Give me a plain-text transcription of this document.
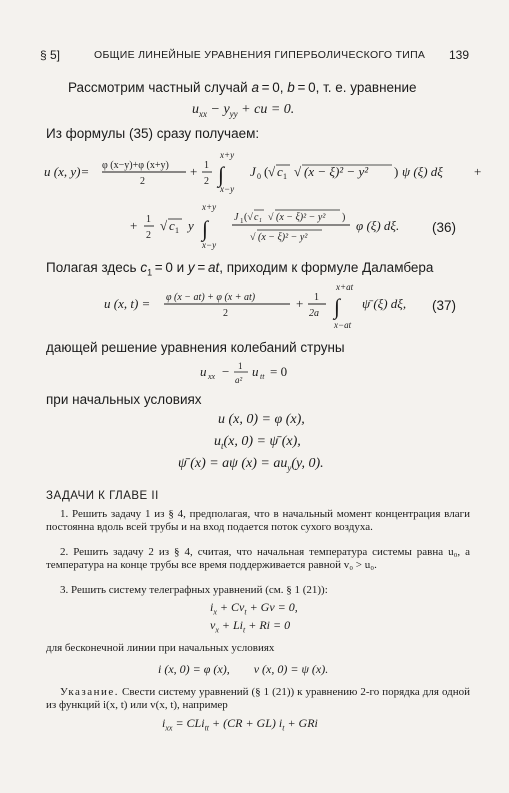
§ 5]	ОБЩИЕ ЛИНЕЙНЫЕ УРАВНЕНИЯ ГИПЕРБОЛИЧЕСКОГО ТИПА 139
Рассмотрим частный случай a = 0, b = 0, т. е. уравнение
$u_{xx} - y_{yy}$ + cu = 0.
Из формулы (35) сразу получаем:
u (x, y)= φ (x−y)+φ (x+y)
2
+ 1
2
x+y
∫
x−y
J 0 ( √ c 1 √ (x − ξ)² − y² ) ψ (ξ) dξ +
+ 1
2
√ c 1 y
x+y
∫
x−y
J 1 (√ c₁ √ (x − ξ)² − y² )
√ (x − ξ)² − y²
φ (ξ) dξ. (36)
Полагая здесь $c_1 = 0$ и y = at, приходим к формуле Даламбера
u (x, t) = φ (x − at) + φ (x + at)
2
+ 1
2a
x+at
∫
x−at
ψ̄ (ξ) dξ, (37)
дающей решение уравнения колебаний струны
u xx − 1
a²
u tt = 0
при начальных условиях
u (x, 0) = φ (x),
$u_t(x$, 0) = ψ̄ (x),
ψ̄ (x) = aψ $(x) = au_y(y$, 0).
ЗАДАЧИ К ГЛАВЕ II
1. Решить задачу 1 из § 4, предполагая, что в начальный момент концентрация влаги постоянна вдоль всей трубы и на вход подается поток сухого воздуха.
2. Решить задачу 2 из § 4, считая, что начальная температура системы равна u₀, а температура на конце трубы все время поддерживается равной v₀ > u₀.
3. Решить систему телеграфных уравнений (см. § 1 (21)):
$i_x + Cv_t + Gv = 0$,
$v_x + Li_t + Ri = 0$
для бесконечной линии при начальных условиях
i (x, 0) = φ (x),        v (x, 0) = ψ (x).
Указание. Свести систему уравнений (§ 1 (21)) к уравнению 2-го порядка для одной из функций i(x, t) или v(x, t), например
$i_{xx} = CLi_{tt} + (CR + GL) i_t$ + GRi
